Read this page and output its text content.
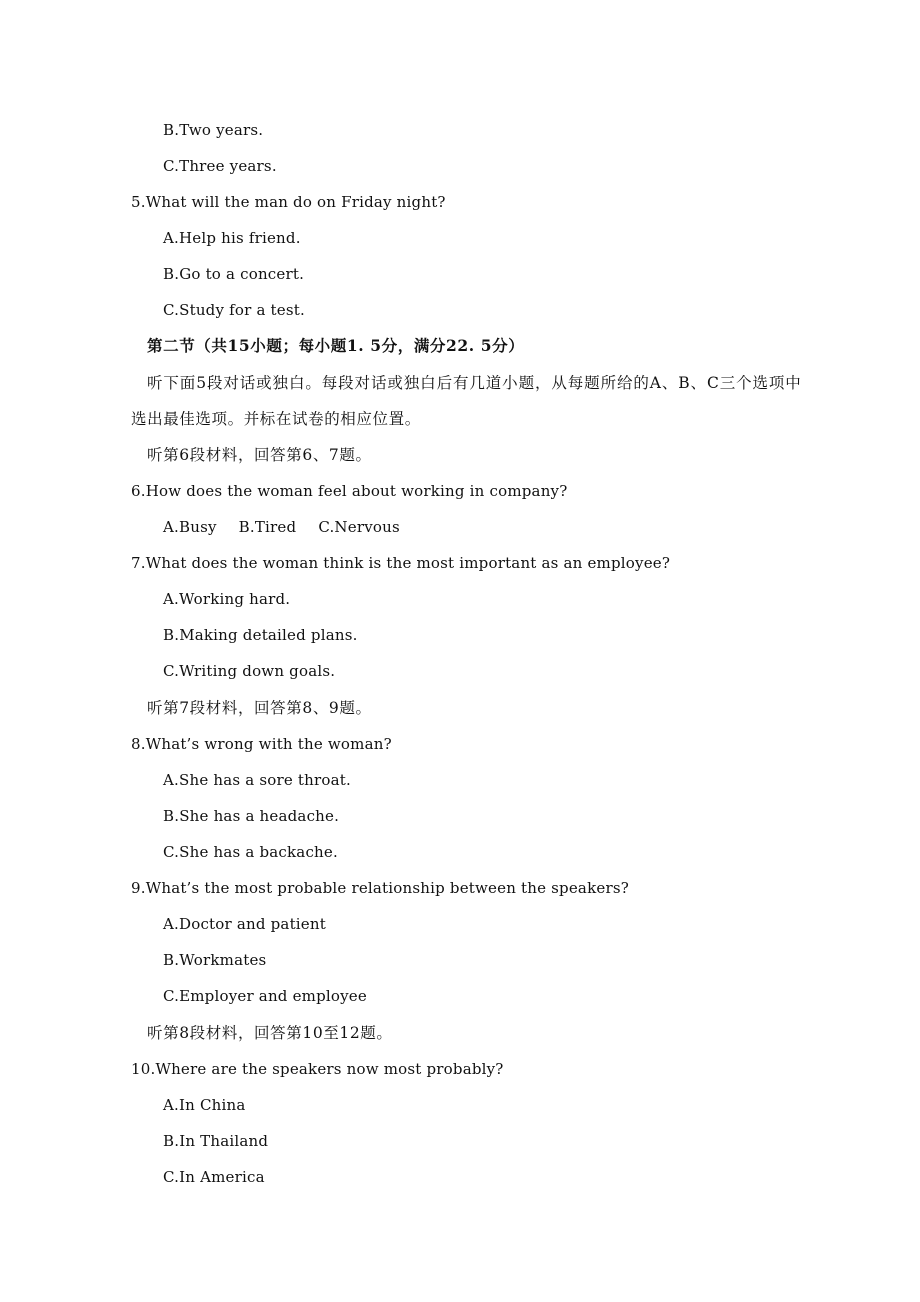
B.Two years.
C.Three years.
5.What will the man do on Friday night?
A.Help his friend.
B.Go to a concert.
C.Study for a test.
第二节（共15小题；每小题1. 5分，满分22. 5分）
听下面5段对话或独白。每段对话或独白后有几道小题，从每题所给的A、B、C三个选项中
选出最佳选项。并标在试卷的相应位置。
听第6段材料，回答第6、7题。
6.How does the woman feel about working in company?
A.Busy B.Tired C.Nervous
7.What does the woman think is the most important as an employee?
A.Working hard.
B.Making detailed plans.
C.Writing down goals.
听第7段材料，回答第8、9题。
8.What’s wrong with the woman?
A.She has a sore throat.
B.She has a headache.
C.She has a backache.
9.What’s the most probable relationship between the speakers?
A.Doctor and patient
B.Workmates
C.Employer and employee
听第8段材料，回答第10至12题。
10.Where are the speakers now most probably?
A.In China
B.In Thailand
C.In America
